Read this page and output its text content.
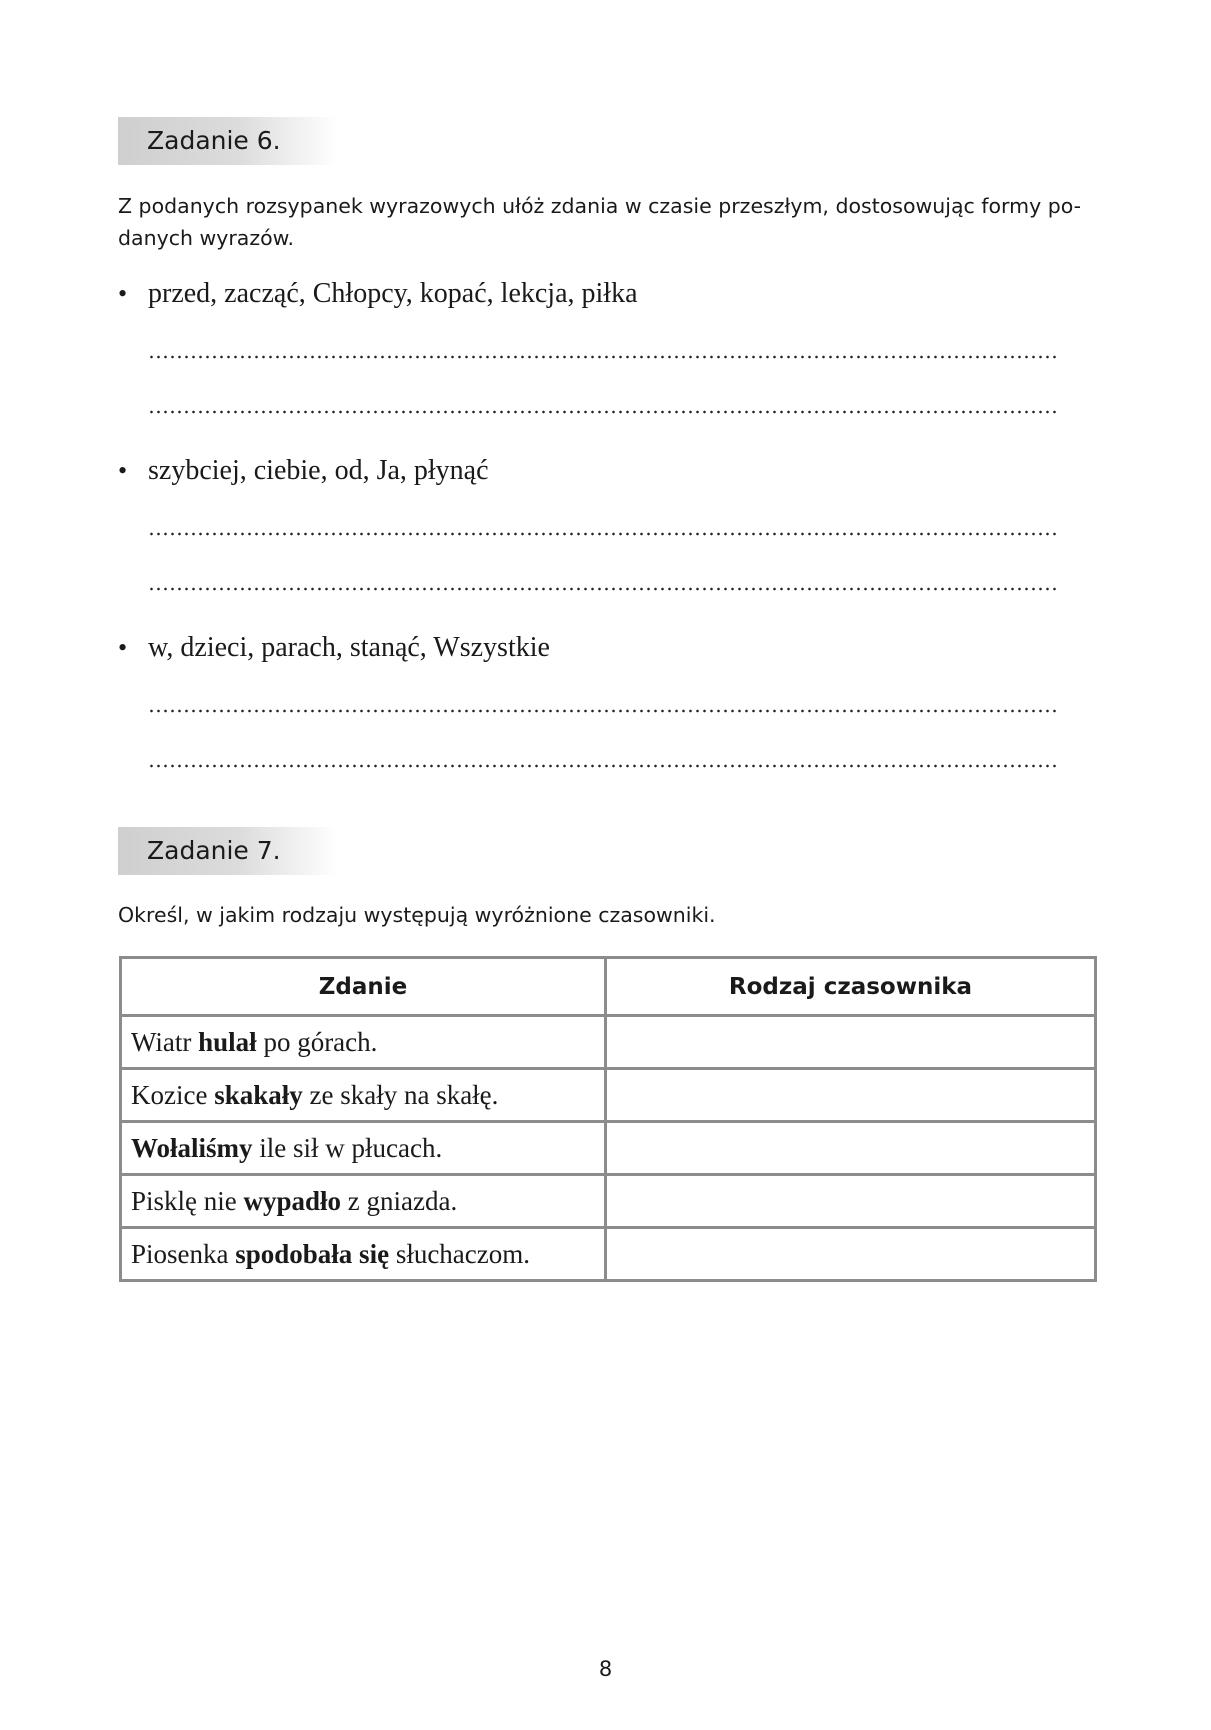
Zadanie 6.
Z podanych rozsypanek wyrazowych ułóż zdania w czasie przeszłym, dostosowując formy po-
danych wyrazów.
• przed, zacząć, Chłopcy, kopać, lekcja, piłka
• szybciej, ciebie, od, Ja, płynąć
• w, dzieci, parach, stanąć, Wszystkie
Zadanie 7.
Określ, w jakim rodzaju występują wyróżnione czasowniki.
Zdanie	Rodzaj czasownika
Wiatr hulał po górach.	
Kozice skakały ze skały na skałę.	
Wołaliśmy ile sił w płucach.	
Pisklę nie wypadło z gniazda.	
Piosenka spodobała się słuchaczom.	
8
